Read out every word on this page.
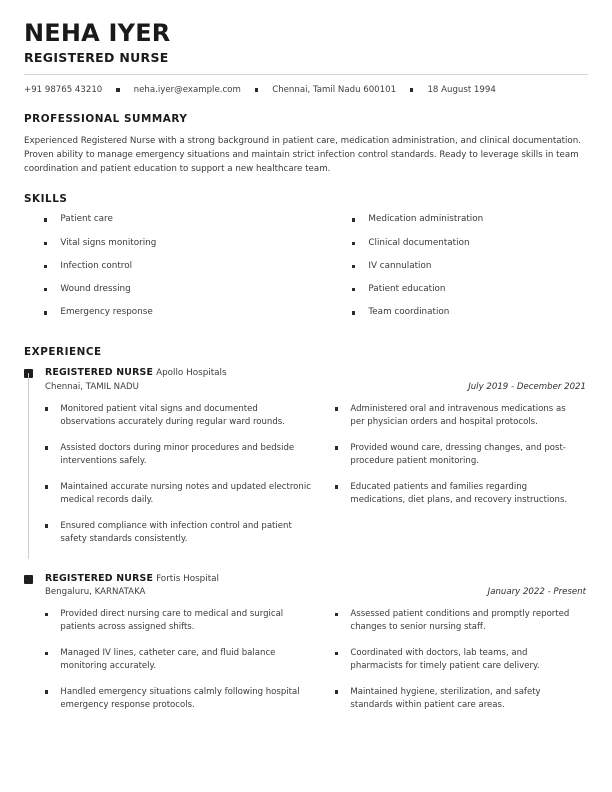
NEHA IYER
REGISTERED NURSE
+91 98765 43210	neha.iyer@example.com	Chennai, Tamil Nadu 600101	18 August 1994
PROFESSIONAL SUMMARY

Experienced Registered Nurse with a strong background in patient care, medication administration, and clinical documentation. Proven ability to manage emergency situations and maintain strict infection control standards. Ready to leverage skills in team coordination and patient education to support a new healthcare team.

SKILLS
Patient care
Vital signs monitoring
Infection control
Wound dressing
Emergency response
Medication administration
Clinical documentation
IV cannulation
Patient education
Team coordination
EXPERIENCE
REGISTERED NURSE Apollo Hospitals
Chennai, TAMIL NADU	July 2019 - December 2021
Monitored patient vital signs and documented observations accurately during regular ward rounds.
Assisted doctors during minor procedures and bedside interventions safely.
Maintained accurate nursing notes and updated electronic medical records daily.
Ensured compliance with infection control and patient safety standards consistently.
Administered oral and intravenous medications as per physician orders and hospital protocols.
Provided wound care, dressing changes, and post-procedure patient monitoring.
Educated patients and families regarding medications, diet plans, and recovery instructions.
REGISTERED NURSE Fortis Hospital
Bengaluru, KARNATAKA	January 2022 - Present
Provided direct nursing care to medical and surgical patients across assigned shifts.
Managed IV lines, catheter care, and fluid balance monitoring accurately.
Handled emergency situations calmly following hospital emergency response protocols.
Assessed patient conditions and promptly reported changes to senior nursing staff.
Coordinated with doctors, lab teams, and pharmacists for timely patient care delivery.
Maintained hygiene, sterilization, and safety standards within patient care areas.
